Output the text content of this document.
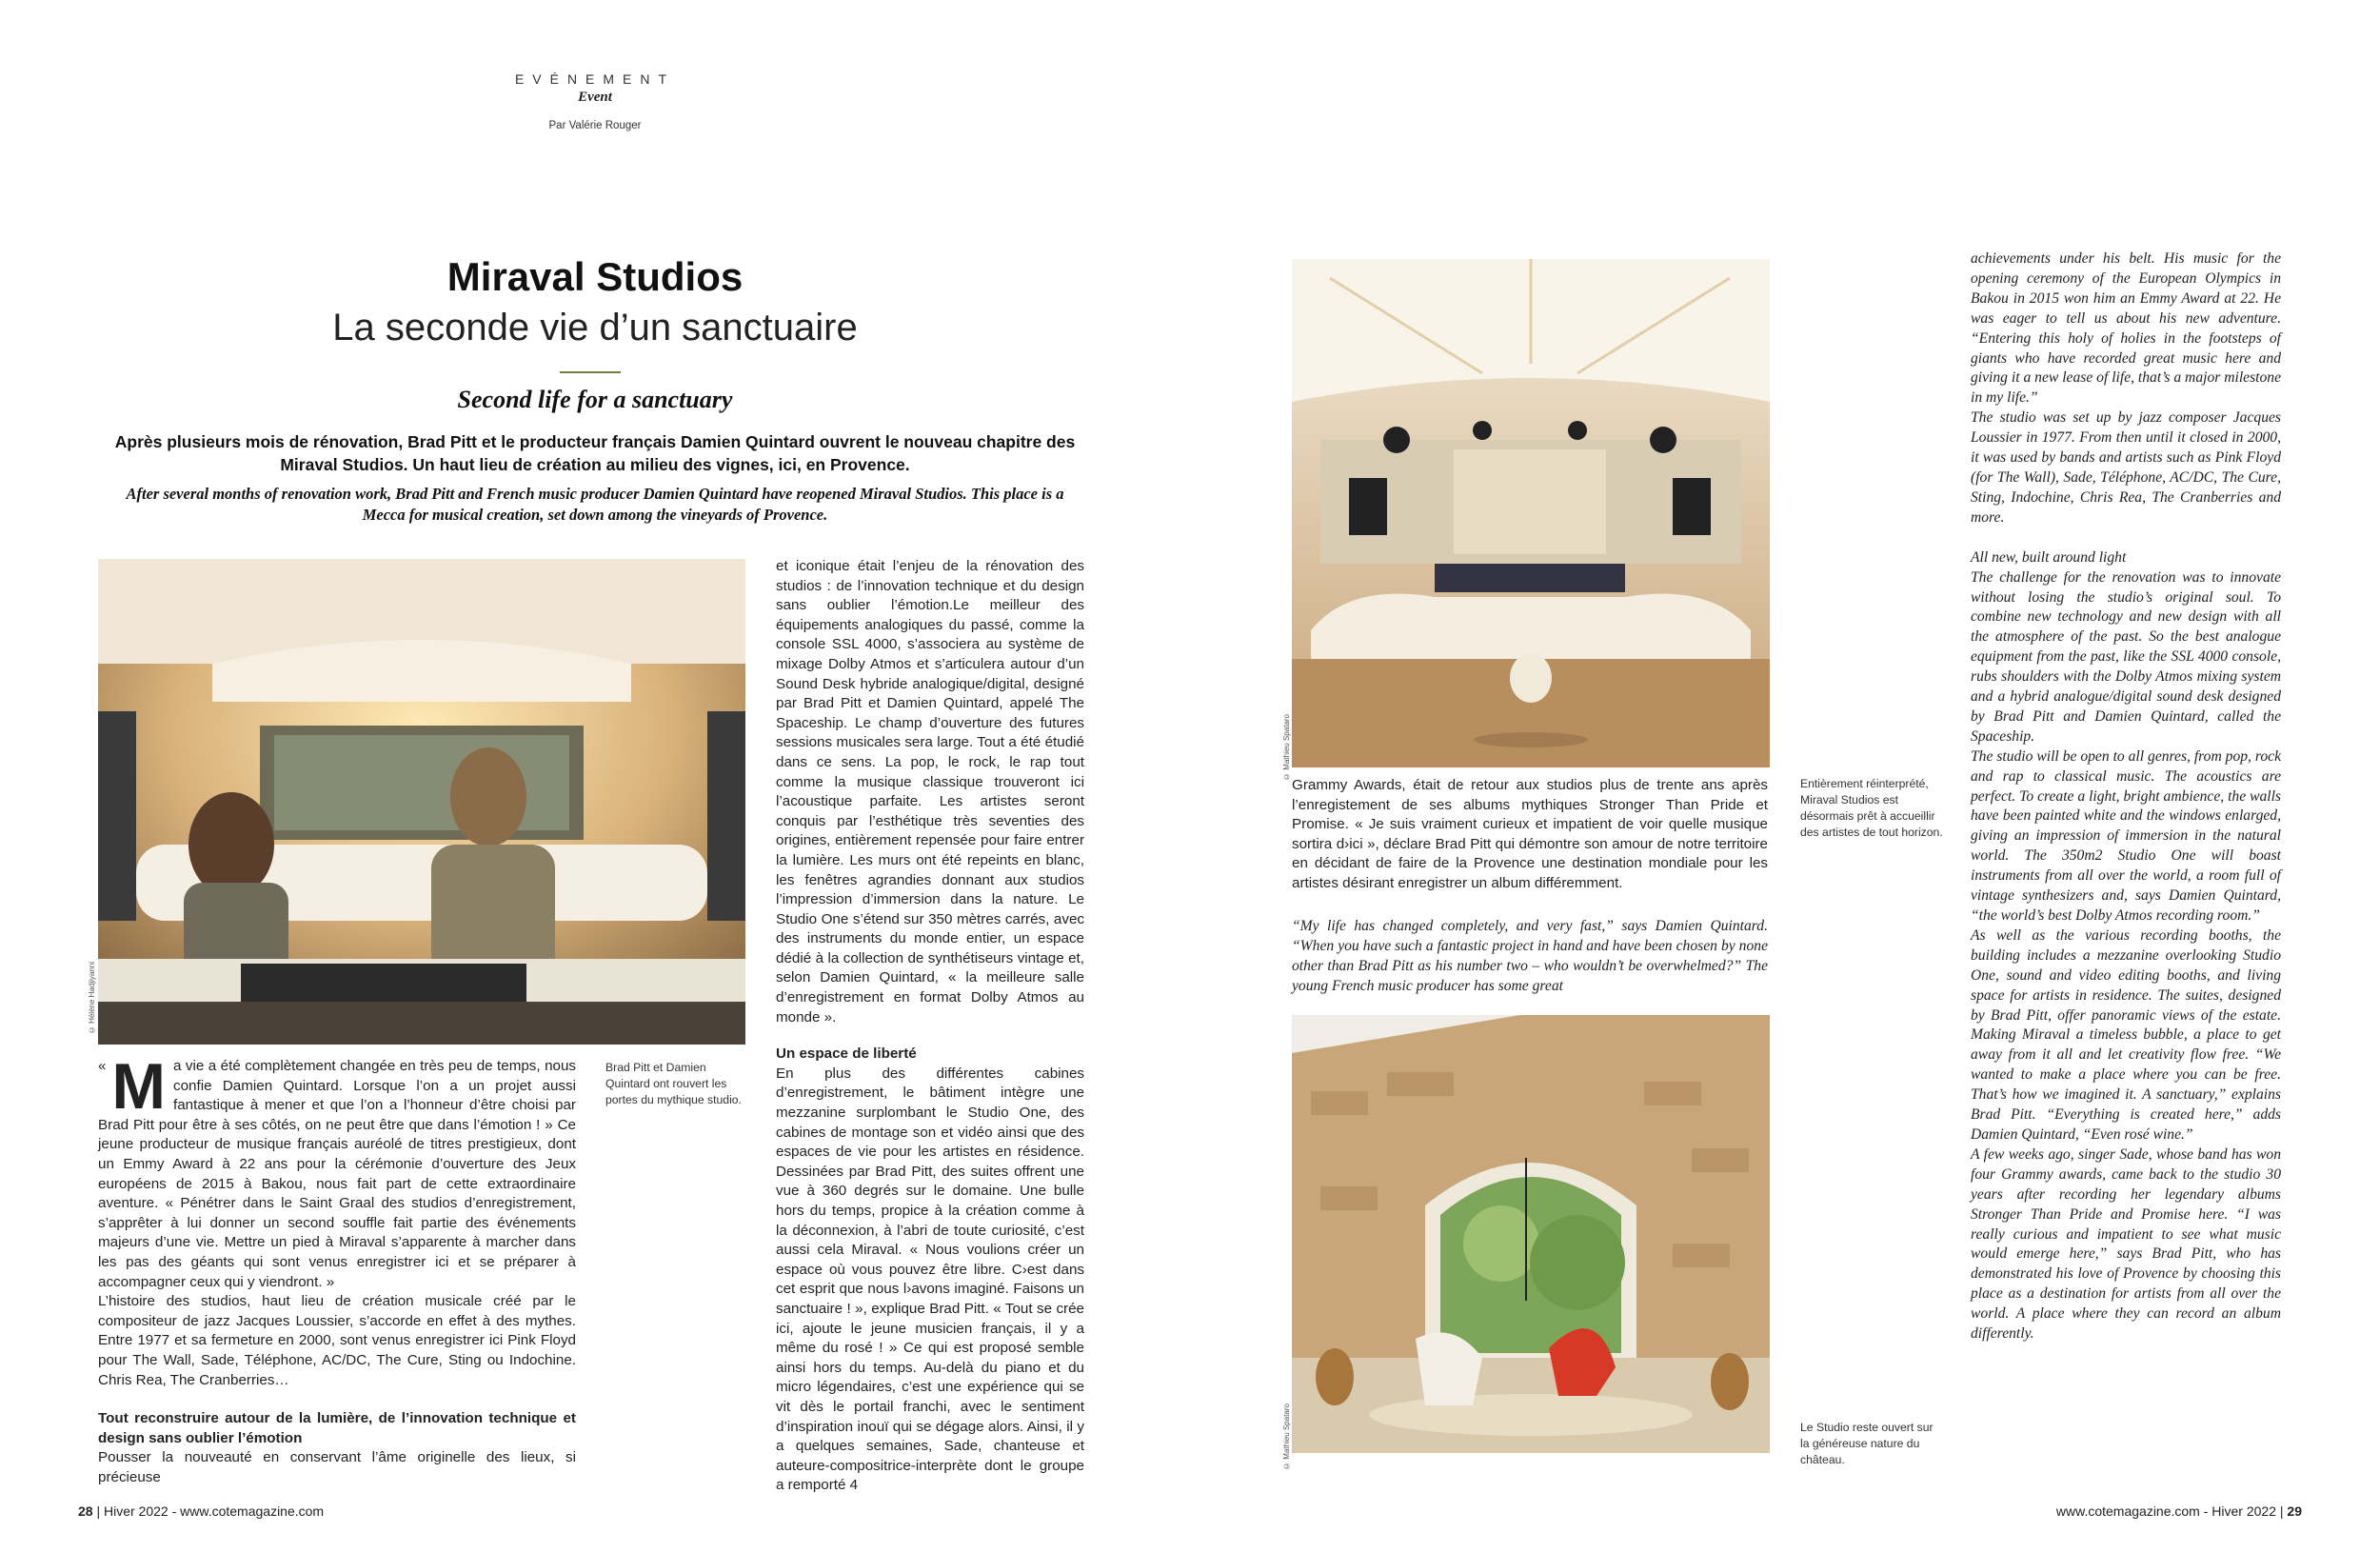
EVÉNEMENT
Event
Par Valérie Rouger
Miraval Studios
La seconde vie d’un sanctuaire
Second life for a sanctuary
Après plusieurs mois de rénovation, Brad Pitt et le producteur français Damien Quintard ouvrent le nouveau chapitre des Miraval Studios. Un haut lieu de création au milieu des vignes, ici, en Provence.
After several months of renovation work, Brad Pitt and French music producer Damien Quintard have reopened Miraval Studios. This place is a Mecca for musical creation, set down among the vineyards of Provence.
© Hélène Hadjiyanni
Brad Pitt et Damien Quintard ont rouvert les portes du mythique studio.

« M a vie a été complètement changée en très peu de temps, nous confie Damien Quintard. Lorsque l’on a un projet aussi fantastique à mener et que l’on a l’honneur d’être choisi par Brad Pitt pour être à ses côtés, on ne peut être que dans l’émotion ! » Ce jeune producteur de musique français auréolé de titres prestigieux, dont un Emmy Award à 22 ans pour la cérémonie d’ouverture des Jeux européens de 2015 à Bakou, nous fait part de cette extraordinaire aventure. « Pénétrer dans le Saint Graal des studios d’enregistrement, s’apprêter à lui donner un second souffle fait partie des événements majeurs d’une vie. Mettre un pied à Miraval s’apparente à marcher dans les pas des géants qui sont venus enregistrer ici et se préparer à accompagner ceux qui y viendront. »

L’histoire des studios, haut lieu de création musicale créé par le compositeur de jazz Jacques Loussier, s’accorde en effet à des mythes. Entre 1977 et sa fermeture en 2000, sont venus enregistrer ici Pink Floyd pour The Wall, Sade, Téléphone, AC/DC, The Cure, Sting ou Indochine. Chris Rea, The Cranberries…

Tout reconstruire autour de la lumière, de l’innovation technique et design sans oublier l’émotion

Pousser la nouveauté en conservant l’âme originelle des lieux, si précieuse

et iconique était l’enjeu de la rénovation des studios : de l’innovation technique et du design sans oublier l’émotion.Le meilleur des équipements analogiques du passé, comme la console SSL 4000, s’associera au système de mixage Dolby Atmos et s’articulera autour d’un Sound Desk hybride analogique/digital, designé par Brad Pitt et Damien Quintard, appelé The Spaceship. Le champ d’ouverture des futures sessions musicales sera large. Tout a été étudié dans ce sens. La pop, le rock, le rap tout comme la musique classique trouveront ici l’acoustique parfaite. Les artistes seront conquis par l’esthétique très seventies des origines, entièrement repensée pour faire entrer la lumière. Les murs ont été repeints en blanc, les fenêtres agrandies donnant aux studios l’impression d’immersion dans la nature. Le Studio One s’étend sur 350 mètres carrés, avec des instruments du monde entier, un espace dédié à la collection de synthétiseurs vintage et, selon Damien Quintard, « la meilleure salle d’enregistrement en format Dolby Atmos au monde ».

Un espace de liberté

En plus des différentes cabines d’enregistrement, le bâtiment intègre une mezzanine surplombant le Studio One, des cabines de montage son et vidéo ainsi que des espaces de vie pour les artistes en résidence. Dessinées par Brad Pitt, des suites offrent une vue à 360 degrés sur le domaine. Une bulle hors du temps, propice à la création comme à la déconnexion, à l’abri de toute curiosité, c’est aussi cela Miraval. « Nous voulions créer un espace où vous pouvez être libre. C›est dans cet esprit que nous l›avons imaginé. Faisons un sanctuaire ! », explique Brad Pitt. « Tout se crée ici, ajoute le jeune musicien français, il y a même du rosé ! » Ce qui est proposé semble ainsi hors du temps. Au-delà du piano et du micro légendaires, c’est une expérience qui se vit dès le portail franchi, avec le sentiment d’inspiration inouï qui se dégage alors. Ainsi, il y a quelques semaines, Sade, chanteuse et auteure-compositrice-interprète dont le groupe a remporté 4

28 | Hiver 2022 - www.cotemagazine.com
© Mathieu Spataro
Entièrement réinterprété, Miraval Studios est désormais prêt à accueillir des artistes de tout horizon.

Grammy Awards, était de retour aux studios plus de trente ans après l’enregistement de ses albums mythiques Stronger Than Pride et Promise. « Je suis vraiment curieux et impatient de voir quelle musique sortira d›ici », déclare Brad Pitt qui démontre son amour de notre territoire en décidant de faire de la Provence une destination mondiale pour les artistes désirant enregistrer un album différemment.

“My life has changed completely, and very fast,” says Damien Quintard. “When you have such a fantastic project in hand and have been chosen by none other than Brad Pitt as his number two – who wouldn’t be overwhelmed?” The young French music producer has some great

© Mathieu Spataro	Le Studio reste ouvert sur la généreuse nature du château.

achievements under his belt. His music for the opening ceremony of the European Olympics in Bakou in 2015 won him an Emmy Award at 22. He was eager to tell us about his new adventure. “Entering this holy of holies in the footsteps of giants who have recorded great music here and giving it a new lease of life, that’s a major milestone in my life.”

The studio was set up by jazz composer Jacques Loussier in 1977. From then until it closed in 2000, it was used by bands and artists such as Pink Floyd (for The Wall), Sade, Téléphone, AC/DC, The Cure, Sting, Indochine, Chris Rea, The Cranberries and more.

All new, built around light

The challenge for the renovation was to innovate without losing the studio’s original soul. To combine new technology and new design with all the atmosphere of the past. So the best analogue equipment from the past, like the SSL 4000 console, rubs shoulders with the Dolby Atmos mixing system and a hybrid analogue/digital sound desk designed by Brad Pitt and Damien Quintard, called the Spaceship.

The studio will be open to all genres, from pop, rock and rap to classical music. The acoustics are perfect. To create a light, bright ambience, the walls have been painted white and the windows enlarged, giving an impression of immersion in the natural world. The 350m2 Studio One will boast instruments from all over the world, a room full of vintage synthesizers and, says Damien Quintard, “the world’s best Dolby Atmos recording room.”

As well as the various recording booths, the building includes a mezzanine overlooking Studio One, sound and video editing booths, and living space for artists in residence. The suites, designed by Brad Pitt, offer panoramic views of the estate. Making Miraval a timeless bubble, a place to get away from it all and let creativity flow free. “We wanted to make a place where you can be free. That’s how we imagined it. A sanctuary,” explains Brad Pitt. “Everything is created here,” adds Damien Quintard, “Even rosé wine.”

A few weeks ago, singer Sade, whose band has won four Grammy awards, came back to the studio 30 years after recording her legendary albums Stronger Than Pride and Promise here. “I was really curious and impatient to see what music would emerge here,” says Brad Pitt, who has demonstrated his love of Provence by choosing this place as a destination for artists from all over the world. A place where they can record an album differently.

www.cotemagazine.com - Hiver 2022 | 29
